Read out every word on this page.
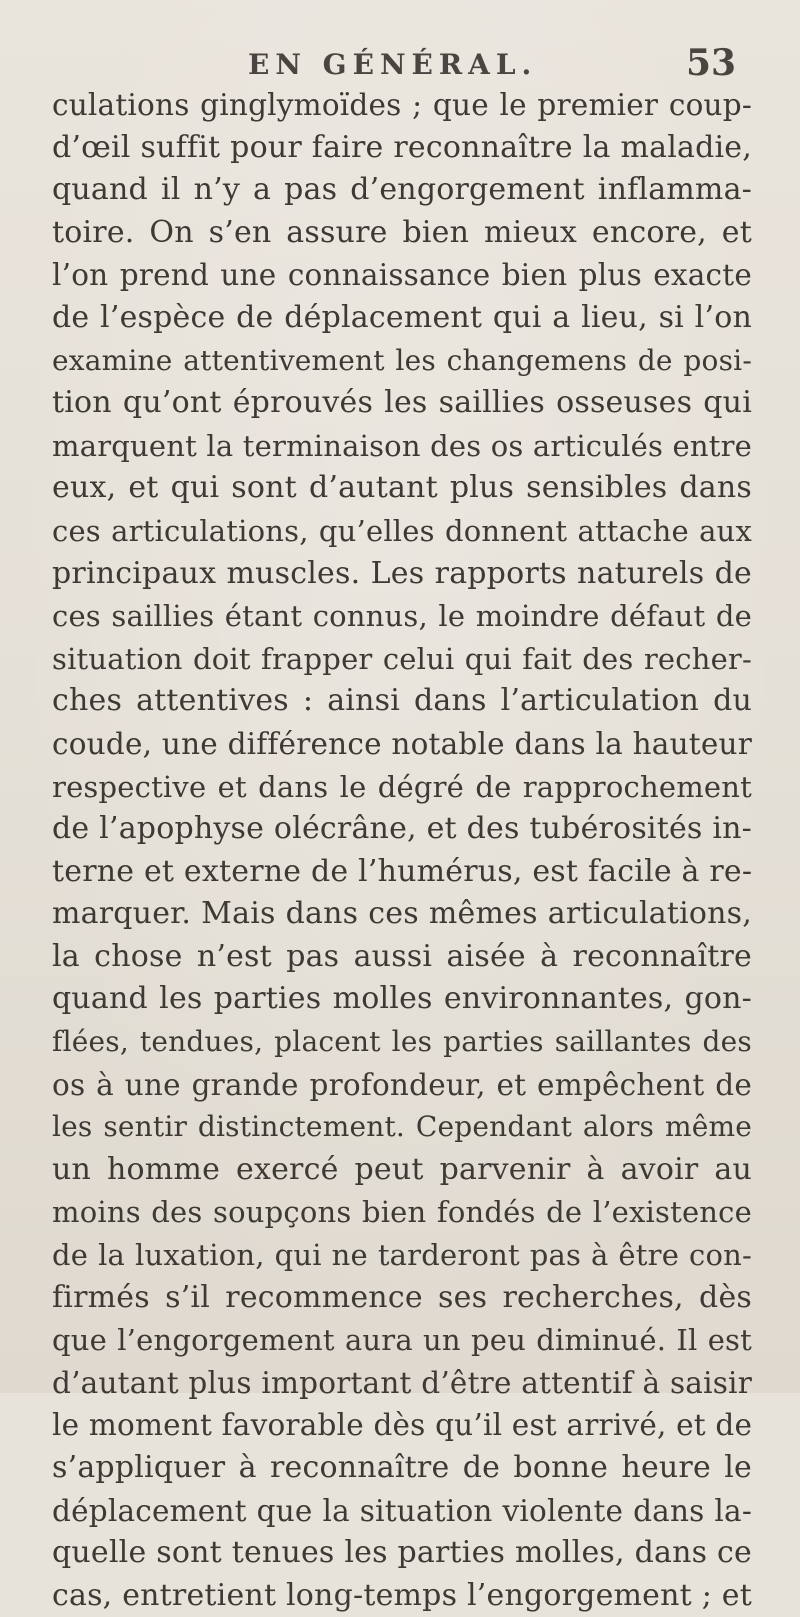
EN GÉNÉRAL.	53
culations ginglymoïdes ; que le premier coup-
d’œil suffit pour faire reconnaître la maladie,
quand il n’y a pas d’engorgement inflamma-
toire. On s’en assure bien mieux encore, et
l’on prend une connaissance bien plus exacte
de l’espèce de déplacement qui a lieu, si l’on
examine attentivement les changemens de posi-
tion qu’ont éprouvés les saillies osseuses qui
marquent la terminaison des os articulés entre
eux, et qui sont d’autant plus sensibles dans
ces articulations, qu’elles donnent attache aux
principaux muscles. Les rapports naturels de
ces saillies étant connus, le moindre défaut de
situation doit frapper celui qui fait des recher-
ches attentives : ainsi dans l’articulation du
coude, une différence notable dans la hauteur
respective et dans le dégré de rapprochement
de l’apophyse olécrâne, et des tubérosités in-
terne et externe de l’humérus, est facile à re-
marquer. Mais dans ces mêmes articulations,
la chose n’est pas aussi aisée à reconnaître
quand les parties molles environnantes, gon-
flées, tendues, placent les parties saillantes des
os à une grande profondeur, et empêchent de
les sentir distinctement. Cependant alors même
un homme exercé peut parvenir à avoir au
moins des soupçons bien fondés de l’existence
de la luxation, qui ne tarderont pas à être con-
firmés s’il recommence ses recherches, dès
que l’engorgement aura un peu diminué. Il est
d’autant plus important d’être attentif à saisir
le moment favorable dès qu’il est arrivé, et de
s’appliquer à reconnaître de bonne heure le
déplacement que la situation violente dans la-
quelle sont tenues les parties molles, dans ce
cas, entretient long-temps l’engorgement ; et
